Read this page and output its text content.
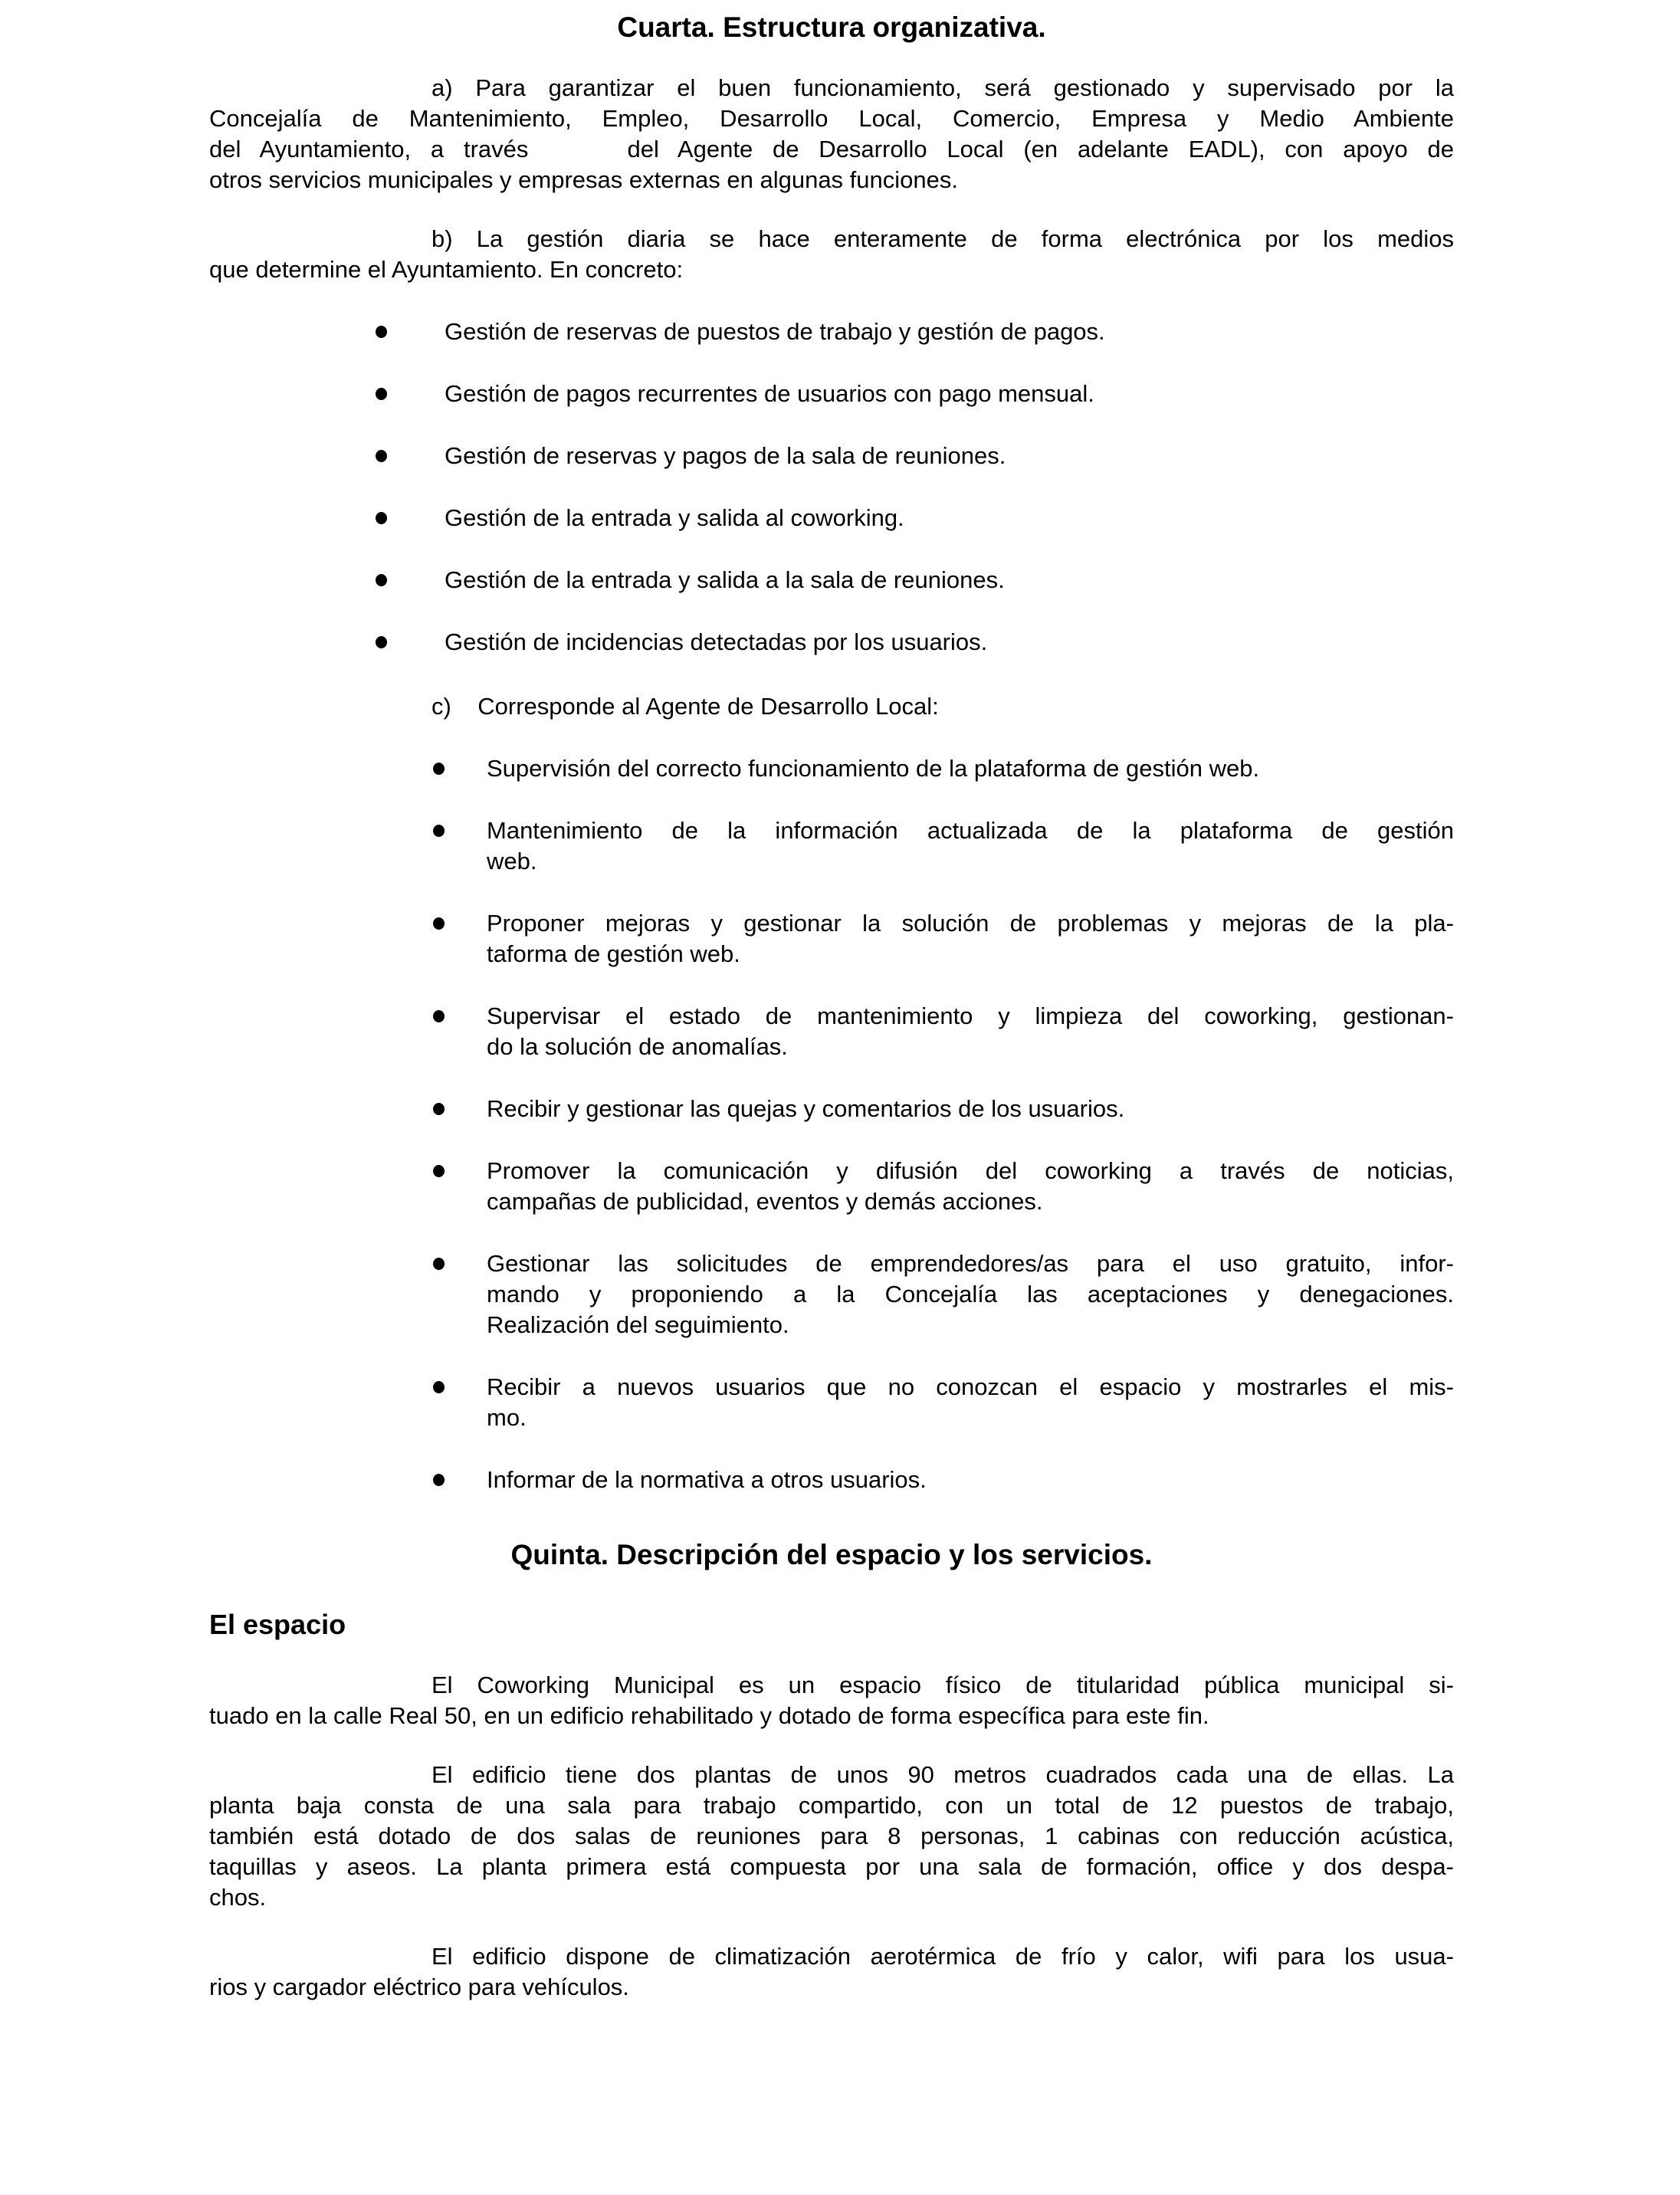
Cuarta. Estructura organizativa.
a) Para garantizar el buen funcionamiento, será gestionado y supervisado por la
Concejalía de Mantenimiento, Empleo, Desarrollo Local, Comercio, Empresa y Medio Ambiente
del Ayuntamiento, a través     del Agente de Desarrollo Local (en adelante EADL), con apoyo de
otros servicios municipales y empresas externas en algunas funciones.
b) La gestión diaria se hace enteramente de forma electrónica por los medios
que determine el Ayuntamiento. En concreto:
Gestión de reservas de puestos de trabajo y gestión de pagos.
Gestión de pagos recurrentes de usuarios con pago mensual.
Gestión de reservas y pagos de la sala de reuniones.
Gestión de la entrada y salida al coworking.
Gestión de la entrada y salida a la sala de reuniones.
Gestión de incidencias detectadas por los usuarios.
c)    Corresponde al Agente de Desarrollo Local:
Supervisión del correcto funcionamiento de la plataforma de gestión web.
Mantenimiento de la información actualizada de la plataforma de gestión
web.
Proponer mejoras y gestionar la solución de problemas y mejoras de la pla-
taforma de gestión web.
Supervisar el estado de mantenimiento y limpieza del coworking, gestionan-
do la solución de anomalías.
Recibir y gestionar las quejas y comentarios de los usuarios.
Promover la comunicación y difusión del coworking a través de noticias,
campañas de publicidad, eventos y demás acciones.
Gestionar las solicitudes de emprendedores/as para el uso gratuito, infor-
mando y proponiendo a la Concejalía las aceptaciones y denegaciones.
Realización del seguimiento.
Recibir a nuevos usuarios que no conozcan el espacio y mostrarles el mis-
mo.
Informar de la normativa a otros usuarios.
Quinta. Descripción del espacio y los servicios.
El espacio
El Coworking Municipal es un espacio físico de titularidad pública municipal si-
tuado en la calle Real 50, en un edificio rehabilitado y dotado de forma específica para este fin.
El edificio tiene dos plantas de unos 90 metros cuadrados cada una de ellas. La
planta baja consta de una sala para trabajo compartido, con un total de 12 puestos de trabajo,
también está dotado de dos salas de reuniones para 8 personas, 1 cabinas con reducción acústica,
taquillas y aseos. La planta primera está compuesta por una sala de formación, office y dos despa-
chos.
El edificio dispone de climatización aerotérmica de frío y calor, wifi para los usua-
rios y cargador eléctrico para vehículos.
